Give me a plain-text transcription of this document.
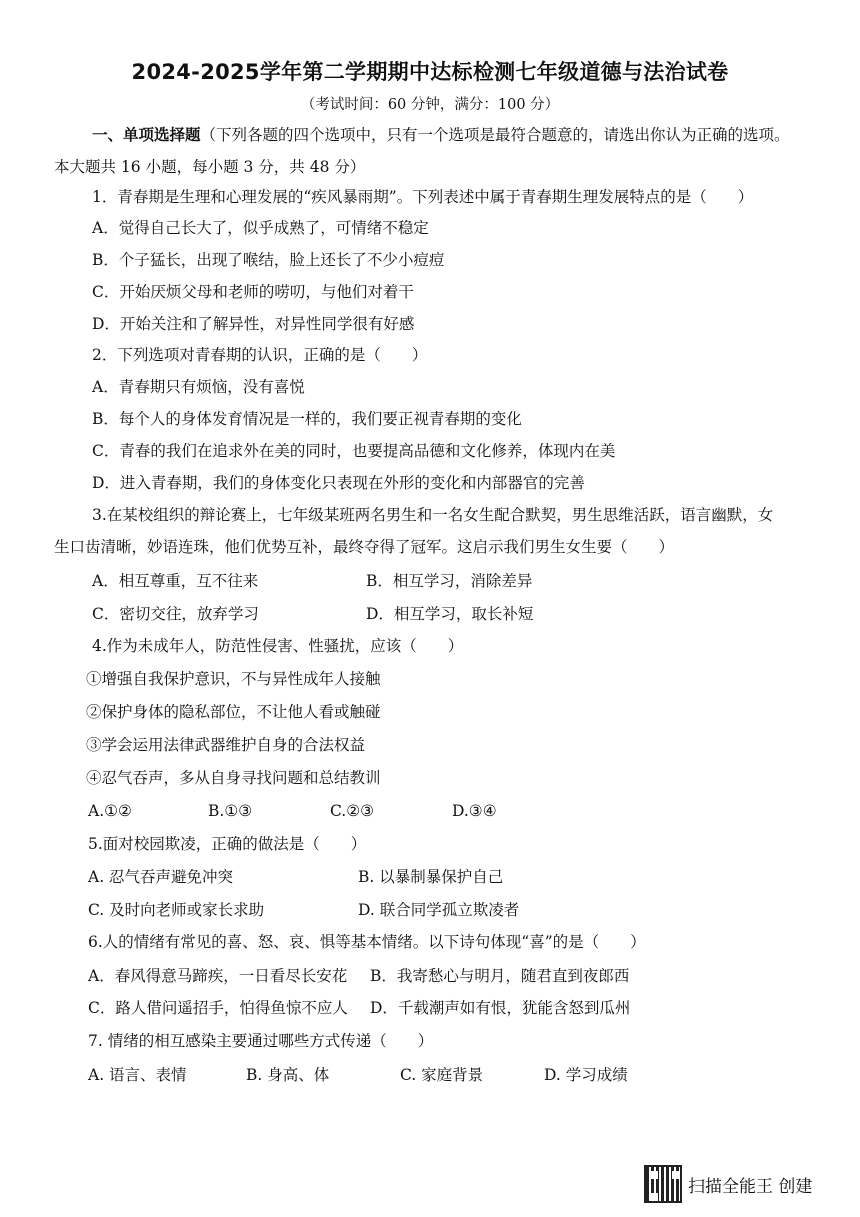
2024-2025学年第二学期期中达标检测七年级道德与法治试卷
（考试时间：60 分钟，满分：100 分）
一、单项选择题（下列各题的四个选项中，只有一个选项是最符合题意的，请选出你认为正确的选项。
本大题共 16 小题，每小题 3 分，共 48 分）
1．青春期是生理和心理发展的“疾风暴雨期”。下列表述中属于青春期生理发展特点的是（　　）
A．觉得自己长大了，似乎成熟了，可情绪不稳定
B．个子猛长，出现了喉结，脸上还长了不少小痘痘
C．开始厌烦父母和老师的唠叨，与他们对着干
D．开始关注和了解异性，对异性同学很有好感
2．下列选项对青春期的认识，正确的是（　　）
A．青春期只有烦恼，没有喜悦
B．每个人的身体发育情况是一样的，我们要正视青春期的变化
C．青春的我们在追求外在美的同时，也要提高品德和文化修养，体现内在美
D．进入青春期，我们的身体变化只表现在外形的变化和内部器官的完善
3.在某校组织的辩论赛上，七年级某班两名男生和一名女生配合默契，男生思维活跃，语言幽默，女
生口齿清晰，妙语连珠，他们优势互补，最终夺得了冠军。这启示我们男生女生要（　　）
A．相互尊重，互不往来	B．相互学习，消除差异
C．密切交往，放弃学习	D．相互学习，取长补短
4.作为未成年人，防范性侵害、性骚扰，应该（　　）
①增强自我保护意识，不与异性成年人接触
②保护身体的隐私部位，不让他人看或触碰
③学会运用法律武器维护自身的合法权益
④忍气吞声，多从自身寻找问题和总结教训
A.①②	B.①③	C.②③	D.③④
5.面对校园欺凌，正确的做法是（　　）
A. 忍气吞声避免冲突	B. 以暴制暴保护自己
C. 及时向老师或家长求助	D. 联合同学孤立欺凌者
6.人的情绪有常见的喜、怒、哀、惧等基本情绪。以下诗句体现“喜”的是（　　）
A．春风得意马蹄疾，一日看尽长安花 B．我寄愁心与明月，随君直到夜郎西
C．路人借问遥招手，怕得鱼惊不应人 D．千载潮声如有恨，犹能含怒到瓜州
7. 情绪的相互感染主要通过哪些方式传递（　　）
A. 语言、表情	B. 身高、体	C. 家庭背景	D. 学习成绩
扫描全能王 创建
